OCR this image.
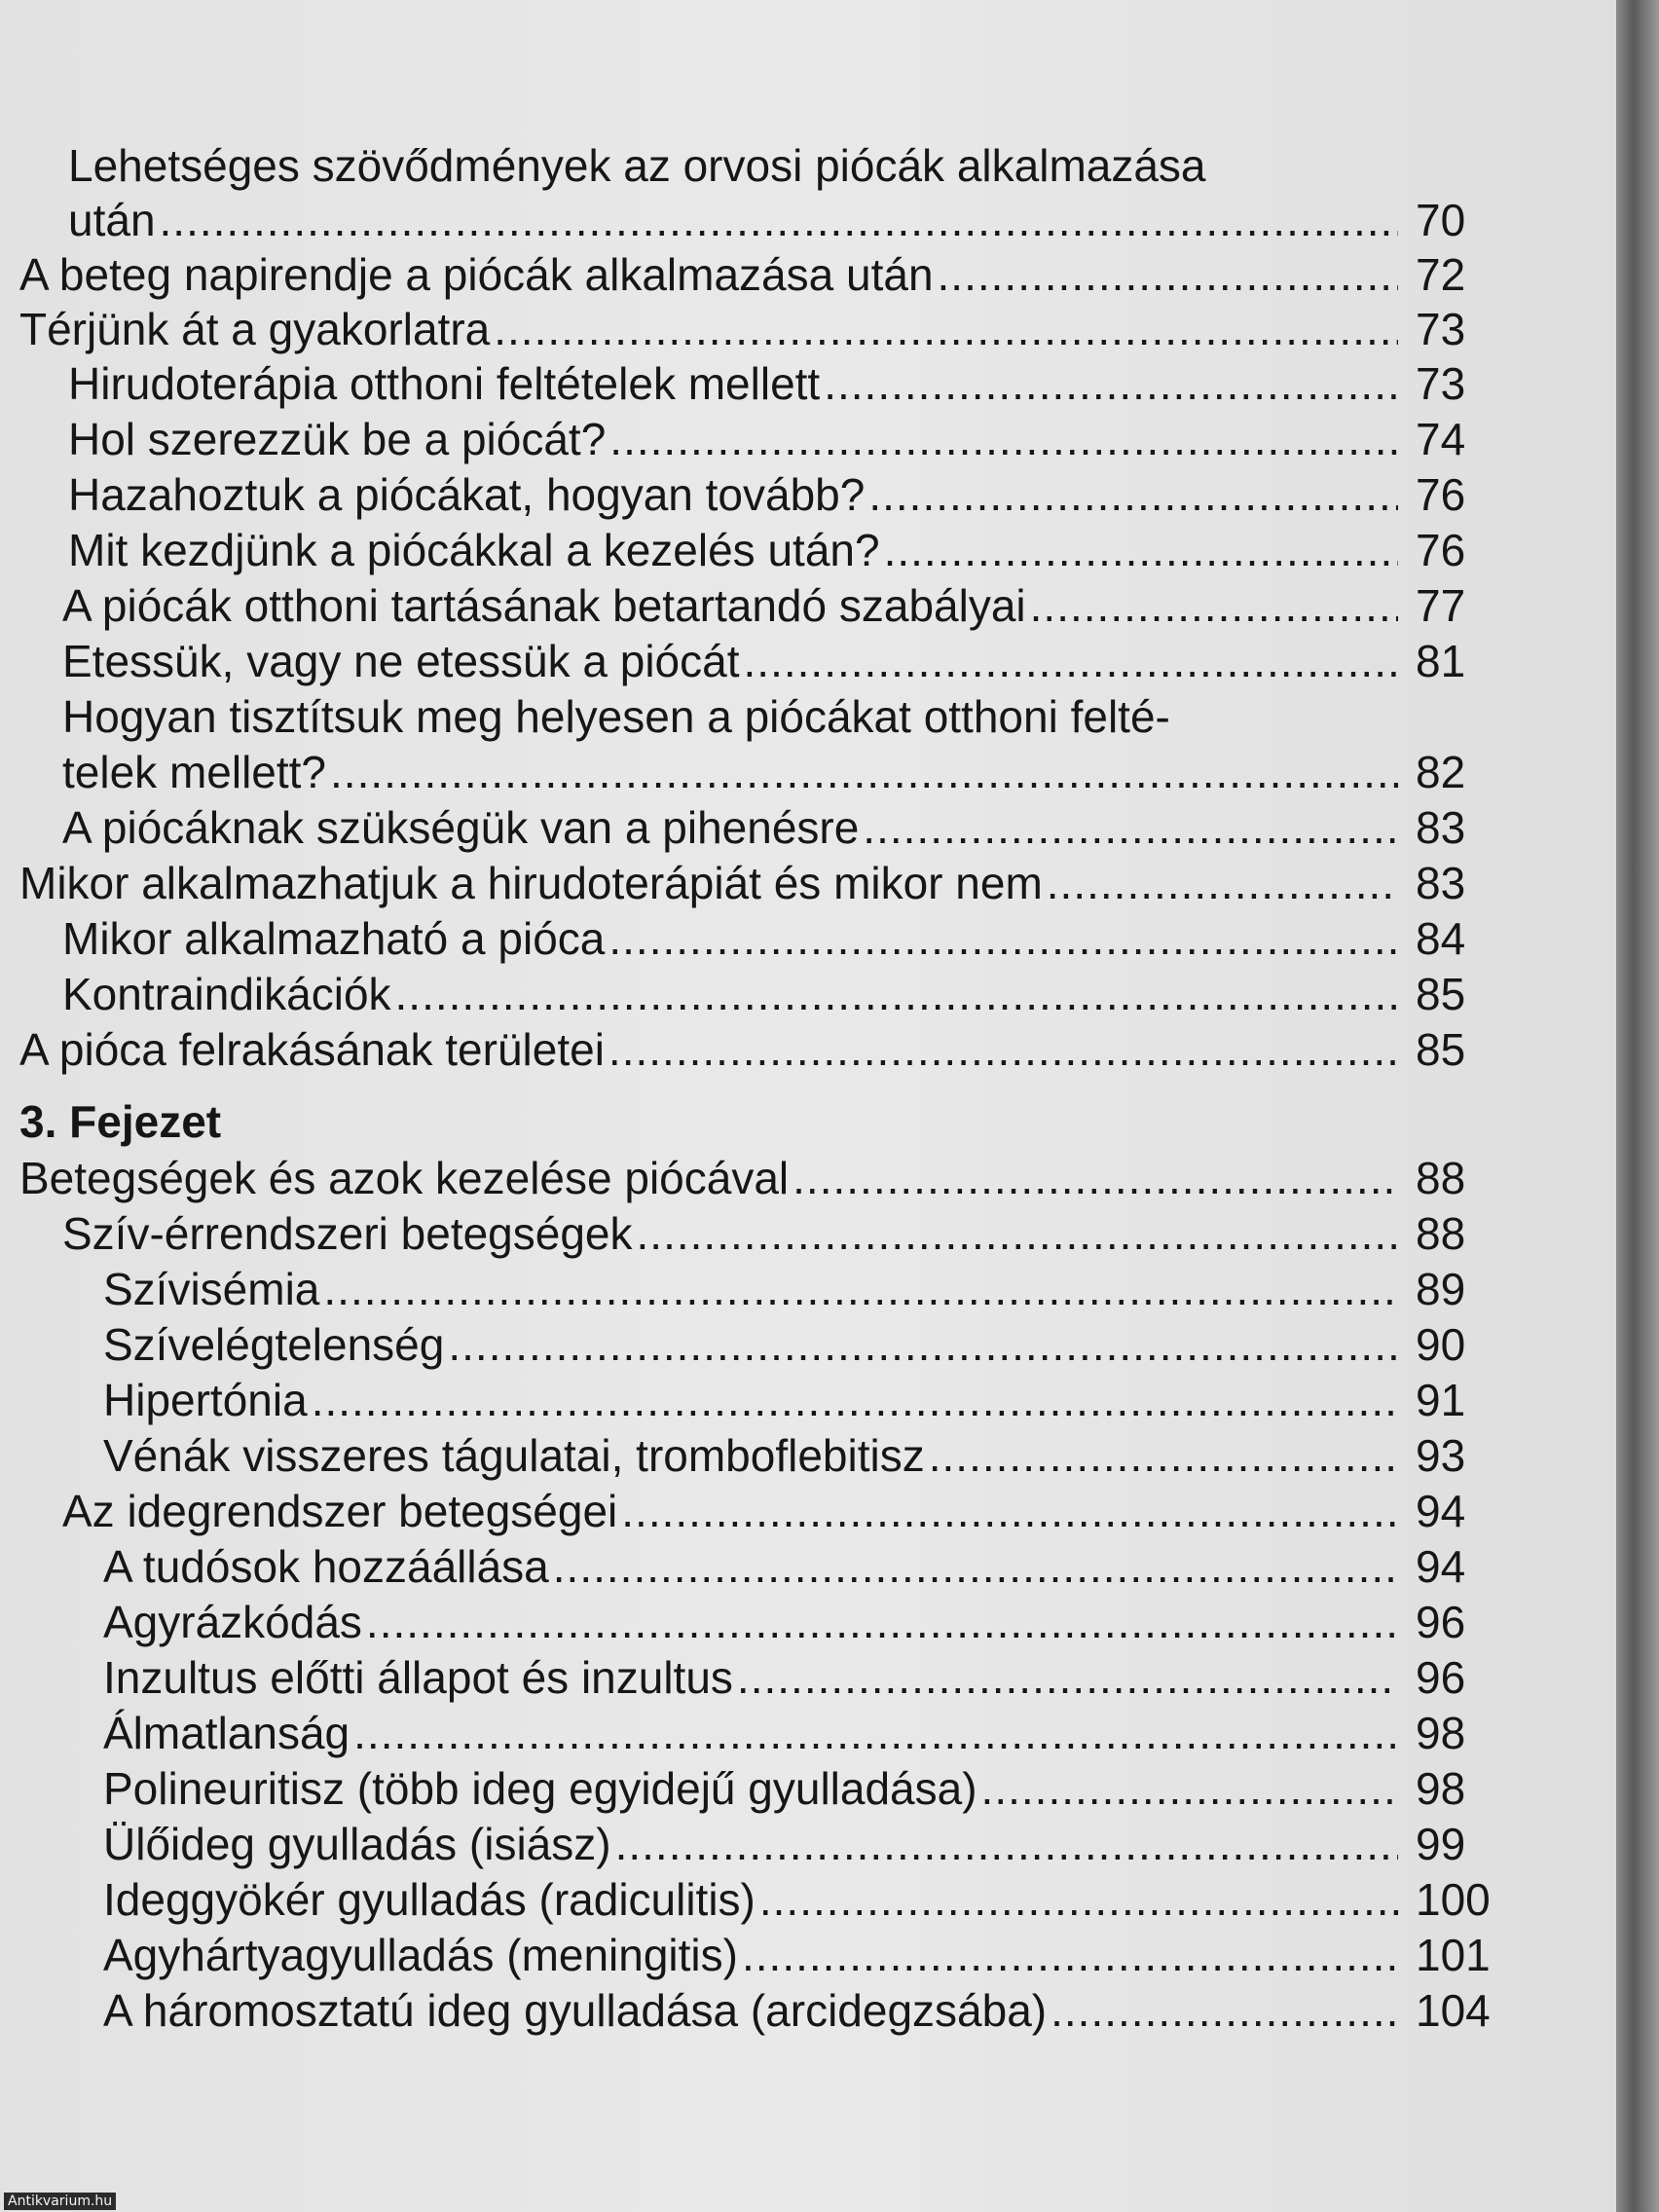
Lehetséges szövődmények az orvosi piócák alkalmazása
után .....	70
A beteg napirendje a piócák alkalmazása után .....	72
Térjünk át a gyakorlatra .....	73
Hirudoterápia otthoni feltételek mellett .....	73
Hol szerezzük be a piócát? .....	74
Hazahoztuk a piócákat, hogyan tovább? .....	76
Mit kezdjünk a piócákkal a kezelés után? .....	76
A piócák otthoni tartásának betartandó szabályai .....	77
Etessük, vagy ne etessük a piócát .....	81
Hogyan tisztítsuk meg helyesen a piócákat otthoni felté-
telek mellett? .....	82
A piócáknak szükségük van a pihenésre .....	83
Mikor alkalmazhatjuk a hirudoterápiát és mikor nem .....	83
Mikor alkalmazható a pióca .....	84
Kontraindikációk .....	85
A pióca felrakásának területei .....	85
3. Fejezet
Betegségek és azok kezelése piócával .....	88
Szív-érrendszeri betegségek .....	88
Szívisémia .....	89
Szívelégtelenség .....	90
Hipertónia .....	91
Vénák visszeres tágulatai, tromboflebitisz .....	93
Az idegrendszer betegségei .....	94
A tudósok hozzáállása .....	94
Agyrázkódás .....	96
Inzultus előtti állapot és inzultus .....	96
Álmatlanság .....	98
Polineuritisz (több ideg egyidejű gyulladása) .....	98
Ülőideg gyulladás (isiász) .....	99
Ideggyökér gyulladás (radiculitis) .....	100
Agyhártyagyulladás (meningitis) .....	101
A háromosztatú ideg gyulladása (arcidegzsába) .....	104
Antikvarium.hu
